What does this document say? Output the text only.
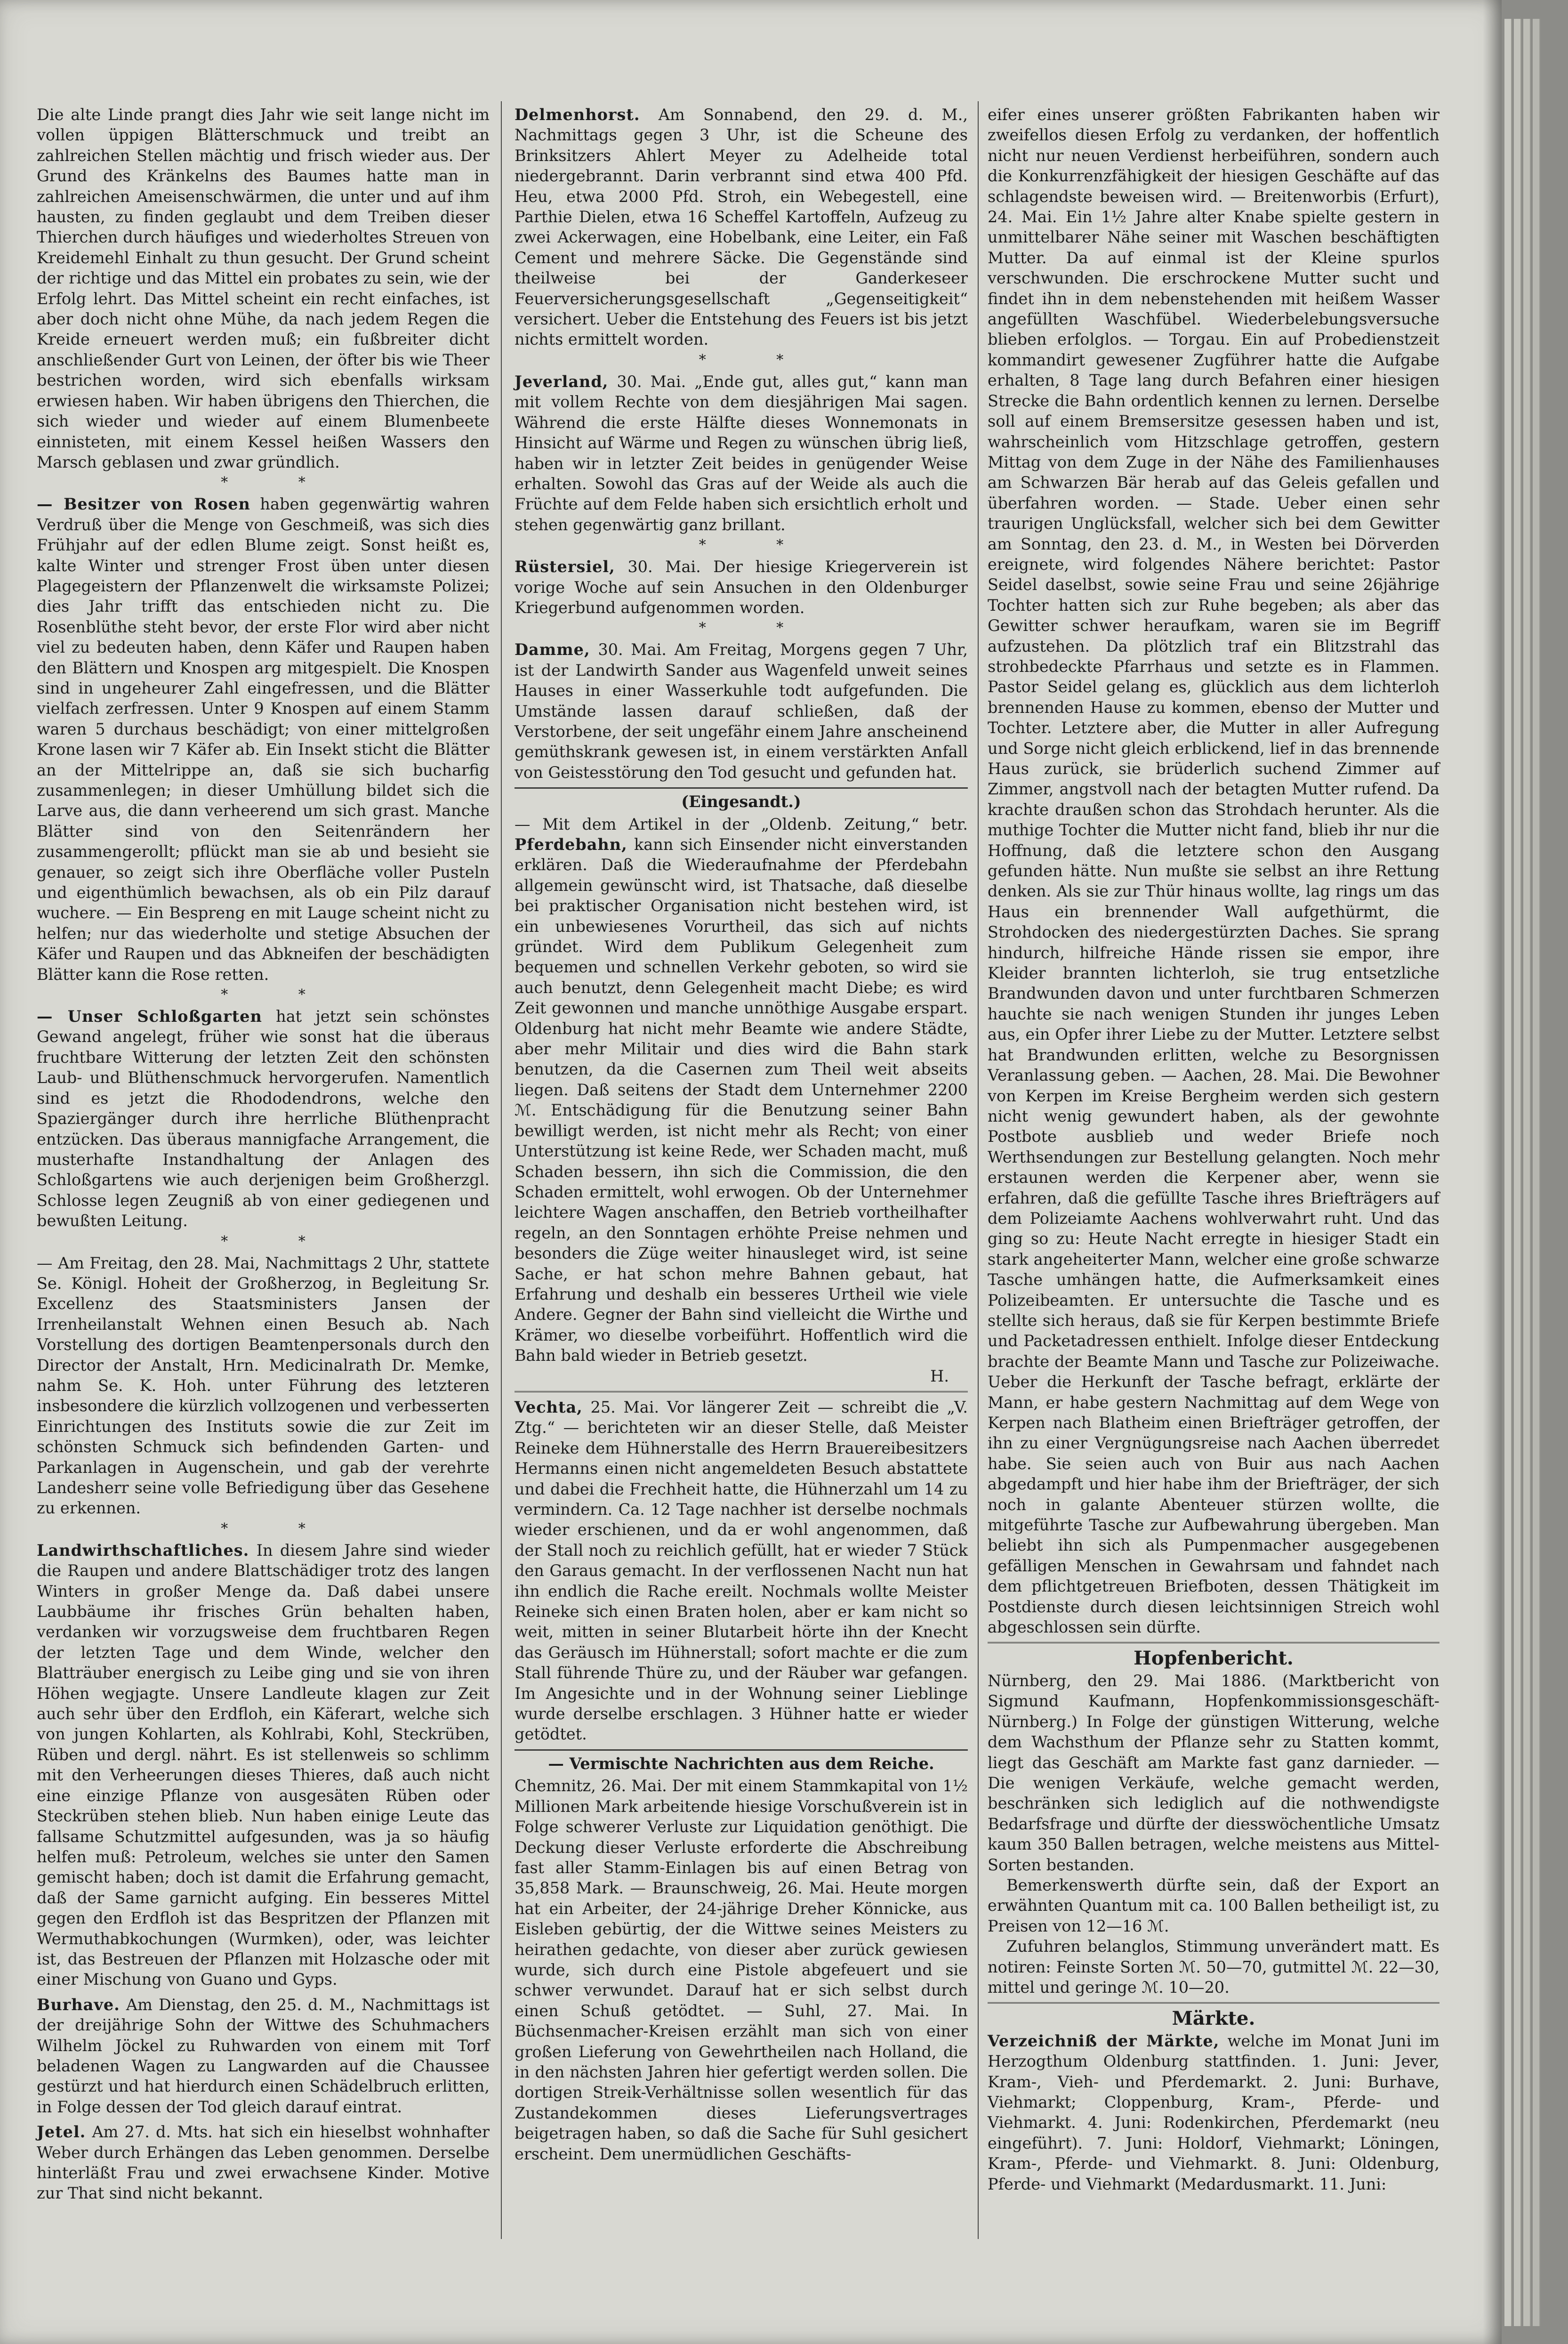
Die alte Linde prangt dies Jahr wie seit lange nicht im vollen üppigen Blätterschmuck und treibt an zahlreichen Stellen mächtig und frisch wieder aus. Der Grund des Kränkelns des Baumes hatte man in zahlreichen Ameisenschwärmen, die unter und auf ihm hausten, zu finden geglaubt und dem Treiben dieser Thierchen durch häufiges und wiederholtes Streuen von Kreidemehl Einhalt zu thun gesucht. Der Grund scheint der richtige und das Mittel ein probates zu sein, wie der Erfolg lehrt. Das Mittel scheint ein recht einfaches, ist aber doch nicht ohne Mühe, da nach jedem Regen die Kreide erneuert werden muß; ein fußbreiter dicht anschließender Gurt von Leinen, der öfter bis wie Theer bestrichen worden, wird sich ebenfalls wirksam erwiesen haben. Wir haben übrigens den Thierchen, die sich wieder und wieder auf einem Blumenbeete einnisteten, mit einem Kessel heißen Wassers den Marsch geblasen und zwar gründlich.

* *

— Besitzer von Rosen haben gegenwärtig wahren Verdruß über die Menge von Geschmeiß, was sich dies Frühjahr auf der edlen Blume zeigt. Sonst heißt es, kalte Winter und strenger Frost üben unter diesen Plagegeistern der Pflanzenwelt die wirksamste Polizei; dies Jahr trifft das entschieden nicht zu. Die Rosenblüthe steht bevor, der erste Flor wird aber nicht viel zu bedeuten haben, denn Käfer und Raupen haben den Blättern und Knospen arg mitgespielt. Die Knospen sind in ungeheurer Zahl eingefressen, und die Blätter vielfach zerfressen. Unter 9 Knospen auf einem Stamm waren 5 durchaus beschädigt; von einer mittelgroßen Krone lasen wir 7 Käfer ab. Ein Insekt sticht die Blätter an der Mittelrippe an, daß sie sich bucharfig zusammenlegen; in dieser Umhüllung bildet sich die Larve aus, die dann verheerend um sich grast. Manche Blätter sind von den Seitenrändern her zusammengerollt; pflückt man sie ab und besieht sie genauer, so zeigt sich ihre Oberfläche voller Pusteln und eigenthümlich bewachsen, als ob ein Pilz darauf wuchere. — Ein Bespreng en mit Lauge scheint nicht zu helfen; nur das wiederholte und stetige Absuchen der Käfer und Raupen und das Abkneifen der beschädigten Blätter kann die Rose retten.

* *

— Unser Schloßgarten hat jetzt sein schönstes Gewand angelegt, früher wie sonst hat die überaus fruchtbare Witterung der letzten Zeit den schönsten Laub- und Blüthenschmuck hervorgerufen. Namentlich sind es jetzt die Rhododendrons, welche den Spaziergänger durch ihre herrliche Blüthenpracht entzücken. Das überaus mannigfache Arrangement, die musterhafte Instandhaltung der Anlagen des Schloßgartens wie auch derjenigen beim Großherzgl. Schlosse legen Zeugniß ab von einer gediegenen und bewußten Leitung.

* *

— Am Freitag, den 28. Mai, Nachmittags 2 Uhr, stattete Se. Königl. Hoheit der Großherzog, in Begleitung Sr. Excellenz des Staatsministers Jansen der Irrenheilanstalt Wehnen einen Besuch ab. Nach Vorstellung des dortigen Beamtenpersonals durch den Director der Anstalt, Hrn. Medicinalrath Dr. Memke, nahm Se. K. Hoh. unter Führung des letzteren insbesondere die kürzlich vollzogenen und verbesserten Einrichtungen des Instituts sowie die zur Zeit im schönsten Schmuck sich befindenden Garten- und Parkanlagen in Augenschein, und gab der verehrte Landesherr seine volle Befriedigung über das Gesehene zu erkennen.

* *

Landwirthschaftliches. In diesem Jahre sind wieder die Raupen und andere Blattschädiger trotz des langen Winters in großer Menge da. Daß dabei unsere Laubbäume ihr frisches Grün behalten haben, verdanken wir vorzugsweise dem fruchtbaren Regen der letzten Tage und dem Winde, welcher den Blatträuber energisch zu Leibe ging und sie von ihren Höhen wegjagte. Unsere Landleute klagen zur Zeit auch sehr über den Erdfloh, ein Käferart, welche sich von jungen Kohlarten, als Kohlrabi, Kohl, Steckrüben, Rüben und dergl. nährt. Es ist stellenweis so schlimm mit den Verheerungen dieses Thieres, daß auch nicht eine einzige Pflanze von ausgesäten Rüben oder Steckrüben stehen blieb. Nun haben einige Leute das fallsame Schutzmittel aufgesunden, was ja so häufig helfen muß: Petroleum, welches sie unter den Samen gemischt haben; doch ist damit die Erfahrung gemacht, daß der Same garnicht aufging. Ein besseres Mittel gegen den Erdfloh ist das Bespritzen der Pflanzen mit Wermuthabkochungen (Wurmken), oder, was leichter ist, das Bestreuen der Pflanzen mit Holzasche oder mit einer Mischung von Guano und Gyps.

Burhave. Am Dienstag, den 25. d. M., Nachmittags ist der dreijährige Sohn der Wittwe des Schuhmachers Wilhelm Jöckel zu Ruhwarden von einem mit Torf beladenen Wagen zu Langwarden auf die Chaussee gestürzt und hat hierdurch einen Schädelbruch erlitten, in Folge dessen der Tod gleich darauf eintrat.

Jetel. Am 27. d. Mts. hat sich ein hieselbst wohnhafter Weber durch Erhängen das Leben genommen. Derselbe hinterläßt Frau und zwei erwachsene Kinder. Motive zur That sind nicht bekannt.

Delmenhorst. Am Sonnabend, den 29. d. M., Nachmittags gegen 3 Uhr, ist die Scheune des Brinksitzers Ahlert Meyer zu Adelheide total niedergebrannt. Darin verbrannt sind etwa 400 Pfd. Heu, etwa 2000 Pfd. Stroh, ein Webegestell, eine Parthie Dielen, etwa 16 Scheffel Kartoffeln, Aufzeug zu zwei Ackerwagen, eine Hobelbank, eine Leiter, ein Faß Cement und mehrere Säcke. Die Gegenstände sind theilweise bei der Ganderkeseer Feuerversicherungsgesellschaft „Gegenseitigkeit“ versichert. Ueber die Entstehung des Feuers ist bis jetzt nichts ermittelt worden.

* *

Jeverland, 30. Mai. „Ende gut, alles gut,“ kann man mit vollem Rechte von dem diesjährigen Mai sagen. Während die erste Hälfte dieses Wonnemonats in Hinsicht auf Wärme und Regen zu wünschen übrig ließ, haben wir in letzter Zeit beides in genügender Weise erhalten. Sowohl das Gras auf der Weide als auch die Früchte auf dem Felde haben sich ersichtlich erholt und stehen gegenwärtig ganz brillant.

* *

Rüstersiel, 30. Mai. Der hiesige Kriegerverein ist vorige Woche auf sein Ansuchen in den Oldenburger Kriegerbund aufgenommen worden.

* *

Damme, 30. Mai. Am Freitag, Morgens gegen 7 Uhr, ist der Landwirth Sander aus Wagenfeld unweit seines Hauses in einer Wasserkuhle todt aufgefunden. Die Umstände lassen darauf schließen, daß der Verstorbene, der seit ungefähr einem Jahre anscheinend gemüthskrank gewesen ist, in einem verstärkten Anfall von Geistesstörung den Tod gesucht und gefunden hat.

(Eingesandt.)

— Mit dem Artikel in der „Oldenb. Zeitung,“ betr. Pferdebahn, kann sich Einsender nicht einverstanden erklären. Daß die Wiederaufnahme der Pferdebahn allgemein gewünscht wird, ist Thatsache, daß dieselbe bei praktischer Organisation nicht bestehen wird, ist ein unbewiesenes Vorurtheil, das sich auf nichts gründet. Wird dem Publikum Gelegenheit zum bequemen und schnellen Verkehr geboten, so wird sie auch benutzt, denn Gelegenheit macht Diebe; es wird Zeit gewonnen und manche unnöthige Ausgabe erspart. Oldenburg hat nicht mehr Beamte wie andere Städte, aber mehr Militair und dies wird die Bahn stark benutzen, da die Casernen zum Theil weit abseits liegen. Daß seitens der Stadt dem Unternehmer 2200 ℳ. Entschädigung für die Benutzung seiner Bahn bewilligt werden, ist nicht mehr als Recht; von einer Unterstützung ist keine Rede, wer Schaden macht, muß Schaden bessern, ihn sich die Commission, die den Schaden ermittelt, wohl erwogen. Ob der Unternehmer leichtere Wagen anschaffen, den Betrieb vortheilhafter regeln, an den Sonntagen erhöhte Preise nehmen und besonders die Züge weiter hinausleget wird, ist seine Sache, er hat schon mehre Bahnen gebaut, hat Erfahrung und deshalb ein besseres Urtheil wie viele Andere. Gegner der Bahn sind vielleicht die Wirthe und Krämer, wo dieselbe vorbeiführt. Hoffentlich wird die Bahn bald wieder in Betrieb gesetzt.

H.

Vechta, 25. Mai. Vor längerer Zeit — schreibt die „V. Ztg.“ — berichteten wir an dieser Stelle, daß Meister Reineke dem Hühnerstalle des Herrn Brauereibesitzers Hermanns einen nicht angemeldeten Besuch abstattete und dabei die Frechheit hatte, die Hühnerzahl um 14 zu vermindern. Ca. 12 Tage nachher ist derselbe nochmals wieder erschienen, und da er wohl angenommen, daß der Stall noch zu reichlich gefüllt, hat er wieder 7 Stück den Garaus gemacht. In der verflossenen Nacht nun hat ihn endlich die Rache ereilt. Nochmals wollte Meister Reineke sich einen Braten holen, aber er kam nicht so weit, mitten in seiner Blutarbeit hörte ihn der Knecht das Geräusch im Hühnerstall; sofort machte er die zum Stall führende Thüre zu, und der Räuber war gefangen. Im Angesichte und in der Wohnung seiner Lieblinge wurde derselbe erschlagen. 3 Hühner hatte er wieder getödtet.

— Vermischte Nachrichten aus dem Reiche.

Chemnitz, 26. Mai. Der mit einem Stammkapital von 1½ Millionen Mark arbeitende hiesige Vorschußverein ist in Folge schwerer Verluste zur Liquidation genöthigt. Die Deckung dieser Verluste erforderte die Abschreibung fast aller Stamm-Einlagen bis auf einen Betrag von 35,858 Mark. — Braunschweig, 26. Mai. Heute morgen hat ein Arbeiter, der 24-jährige Dreher Könnicke, aus Eisleben gebürtig, der die Wittwe seines Meisters zu heirathen gedachte, von dieser aber zurück gewiesen wurde, sich durch eine Pistole abgefeuert und sie schwer verwundet. Darauf hat er sich selbst durch einen Schuß getödtet. — Suhl, 27. Mai. In Büchsenmacher-Kreisen erzählt man sich von einer großen Lieferung von Gewehrtheilen nach Holland, die in den nächsten Jahren hier gefertigt werden sollen. Die dortigen Streik-Verhältnisse sollen wesentlich für das Zustandekommen dieses Lieferungsvertrages beigetragen haben, so daß die Sache für Suhl gesichert erscheint. Dem unermüdlichen Geschäfts-

eifer eines unserer größten Fabrikanten haben wir zweifellos diesen Erfolg zu verdanken, der hoffentlich nicht nur neuen Verdienst herbeiführen, sondern auch die Konkurrenzfähigkeit der hiesigen Geschäfte auf das schlagendste beweisen wird. — Breitenworbis (Erfurt), 24. Mai. Ein 1½ Jahre alter Knabe spielte gestern in unmittelbarer Nähe seiner mit Waschen beschäftigten Mutter. Da auf einmal ist der Kleine spurlos verschwunden. Die erschrockene Mutter sucht und findet ihn in dem nebenstehenden mit heißem Wasser angefüllten Waschfübel. Wiederbelebungsversuche blieben erfolglos. — Torgau. Ein auf Probedienstzeit kommandirt gewesener Zugführer hatte die Aufgabe erhalten, 8 Tage lang durch Befahren einer hiesigen Strecke die Bahn ordentlich kennen zu lernen. Derselbe soll auf einem Bremsersitze gesessen haben und ist, wahrscheinlich vom Hitzschlage getroffen, gestern Mittag von dem Zuge in der Nähe des Familienhauses am Schwarzen Bär herab auf das Geleis gefallen und überfahren worden. — Stade. Ueber einen sehr traurigen Unglücksfall, welcher sich bei dem Gewitter am Sonntag, den 23. d. M., in Westen bei Dörverden ereignete, wird folgendes Nähere berichtet: Pastor Seidel daselbst, sowie seine Frau und seine 26jährige Tochter hatten sich zur Ruhe begeben; als aber das Gewitter schwer heraufkam, waren sie im Begriff aufzustehen. Da plötzlich traf ein Blitzstrahl das strohbedeckte Pfarrhaus und setzte es in Flammen. Pastor Seidel gelang es, glücklich aus dem lichterloh brennenden Hause zu kommen, ebenso der Mutter und Tochter. Letztere aber, die Mutter in aller Aufregung und Sorge nicht gleich erblickend, lief in das brennende Haus zurück, sie brüderlich suchend Zimmer auf Zimmer, angstvoll nach der betagten Mutter rufend. Da krachte draußen schon das Strohdach herunter. Als die muthige Tochter die Mutter nicht fand, blieb ihr nur die Hoffnung, daß die letztere schon den Ausgang gefunden hätte. Nun mußte sie selbst an ihre Rettung denken. Als sie zur Thür hinaus wollte, lag rings um das Haus ein brennender Wall aufgethürmt, die Strohdocken des niedergestürzten Daches. Sie sprang hindurch, hilfreiche Hände rissen sie empor, ihre Kleider brannten lichterloh, sie trug entsetzliche Brandwunden davon und unter furchtbaren Schmerzen hauchte sie nach wenigen Stunden ihr junges Leben aus, ein Opfer ihrer Liebe zu der Mutter. Letztere selbst hat Brandwunden erlitten, welche zu Besorgnissen Veranlassung geben. — Aachen, 28. Mai. Die Bewohner von Kerpen im Kreise Bergheim werden sich gestern nicht wenig gewundert haben, als der gewohnte Postbote ausblieb und weder Briefe noch Werthsendungen zur Bestellung gelangten. Noch mehr erstaunen werden die Kerpener aber, wenn sie erfahren, daß die gefüllte Tasche ihres Briefträgers auf dem Polizeiamte Aachens wohlverwahrt ruht. Und das ging so zu: Heute Nacht erregte in hiesiger Stadt ein stark angeheiterter Mann, welcher eine große schwarze Tasche umhängen hatte, die Aufmerksamkeit eines Polizeibeamten. Er untersuchte die Tasche und es stellte sich heraus, daß sie für Kerpen bestimmte Briefe und Packetadressen enthielt. Infolge dieser Entdeckung brachte der Beamte Mann und Tasche zur Polizeiwache. Ueber die Herkunft der Tasche befragt, erklärte der Mann, er habe gestern Nachmittag auf dem Wege von Kerpen nach Blatheim einen Briefträger getroffen, der ihn zu einer Vergnügungsreise nach Aachen überredet habe. Sie seien auch von Buir aus nach Aachen abgedampft und hier habe ihm der Briefträger, der sich noch in galante Abenteuer stürzen wollte, die mitgeführte Tasche zur Aufbewahrung übergeben. Man beliebt ihn sich als Pumpenmacher ausgegebenen gefälligen Menschen in Gewahrsam und fahndet nach dem pflichtgetreuen Briefboten, dessen Thätigkeit im Postdienste durch diesen leichtsinnigen Streich wohl abgeschlossen sein dürfte.

Hopfenbericht.

Nürnberg, den 29. Mai 1886. (Marktbericht von Sigmund Kaufmann, Hopfenkommissionsgeschäft-Nürnberg.) In Folge der günstigen Witterung, welche dem Wachsthum der Pflanze sehr zu Statten kommt, liegt das Geschäft am Markte fast ganz darnieder. — Die wenigen Verkäufe, welche gemacht werden, beschränken sich lediglich auf die nothwendigste Bedarfsfrage und dürfte der diesswöchentliche Umsatz kaum 350 Ballen betragen, welche meistens aus Mittel-Sorten bestanden.

Bemerkenswerth dürfte sein, daß der Export an erwähnten Quantum mit ca. 100 Ballen betheiligt ist, zu Preisen von 12—16 ℳ.

Zufuhren belanglos, Stimmung unverändert matt. Es notiren: Feinste Sorten ℳ. 50—70, gutmittel ℳ. 22—30, mittel und geringe ℳ. 10—20.

Märkte.

Verzeichniß der Märkte, welche im Monat Juni im Herzogthum Oldenburg stattfinden. 1. Juni: Jever, Kram-, Vieh- und Pferdemarkt. 2. Juni: Burhave, Viehmarkt; Cloppenburg, Kram-, Pferde- und Viehmarkt. 4. Juni: Rodenkirchen, Pferdemarkt (neu eingeführt). 7. Juni: Holdorf, Viehmarkt; Löningen, Kram-, Pferde- und Viehmarkt. 8. Juni: Oldenburg, Pferde- und Viehmarkt (Medardusmarkt. 11. Juni:
